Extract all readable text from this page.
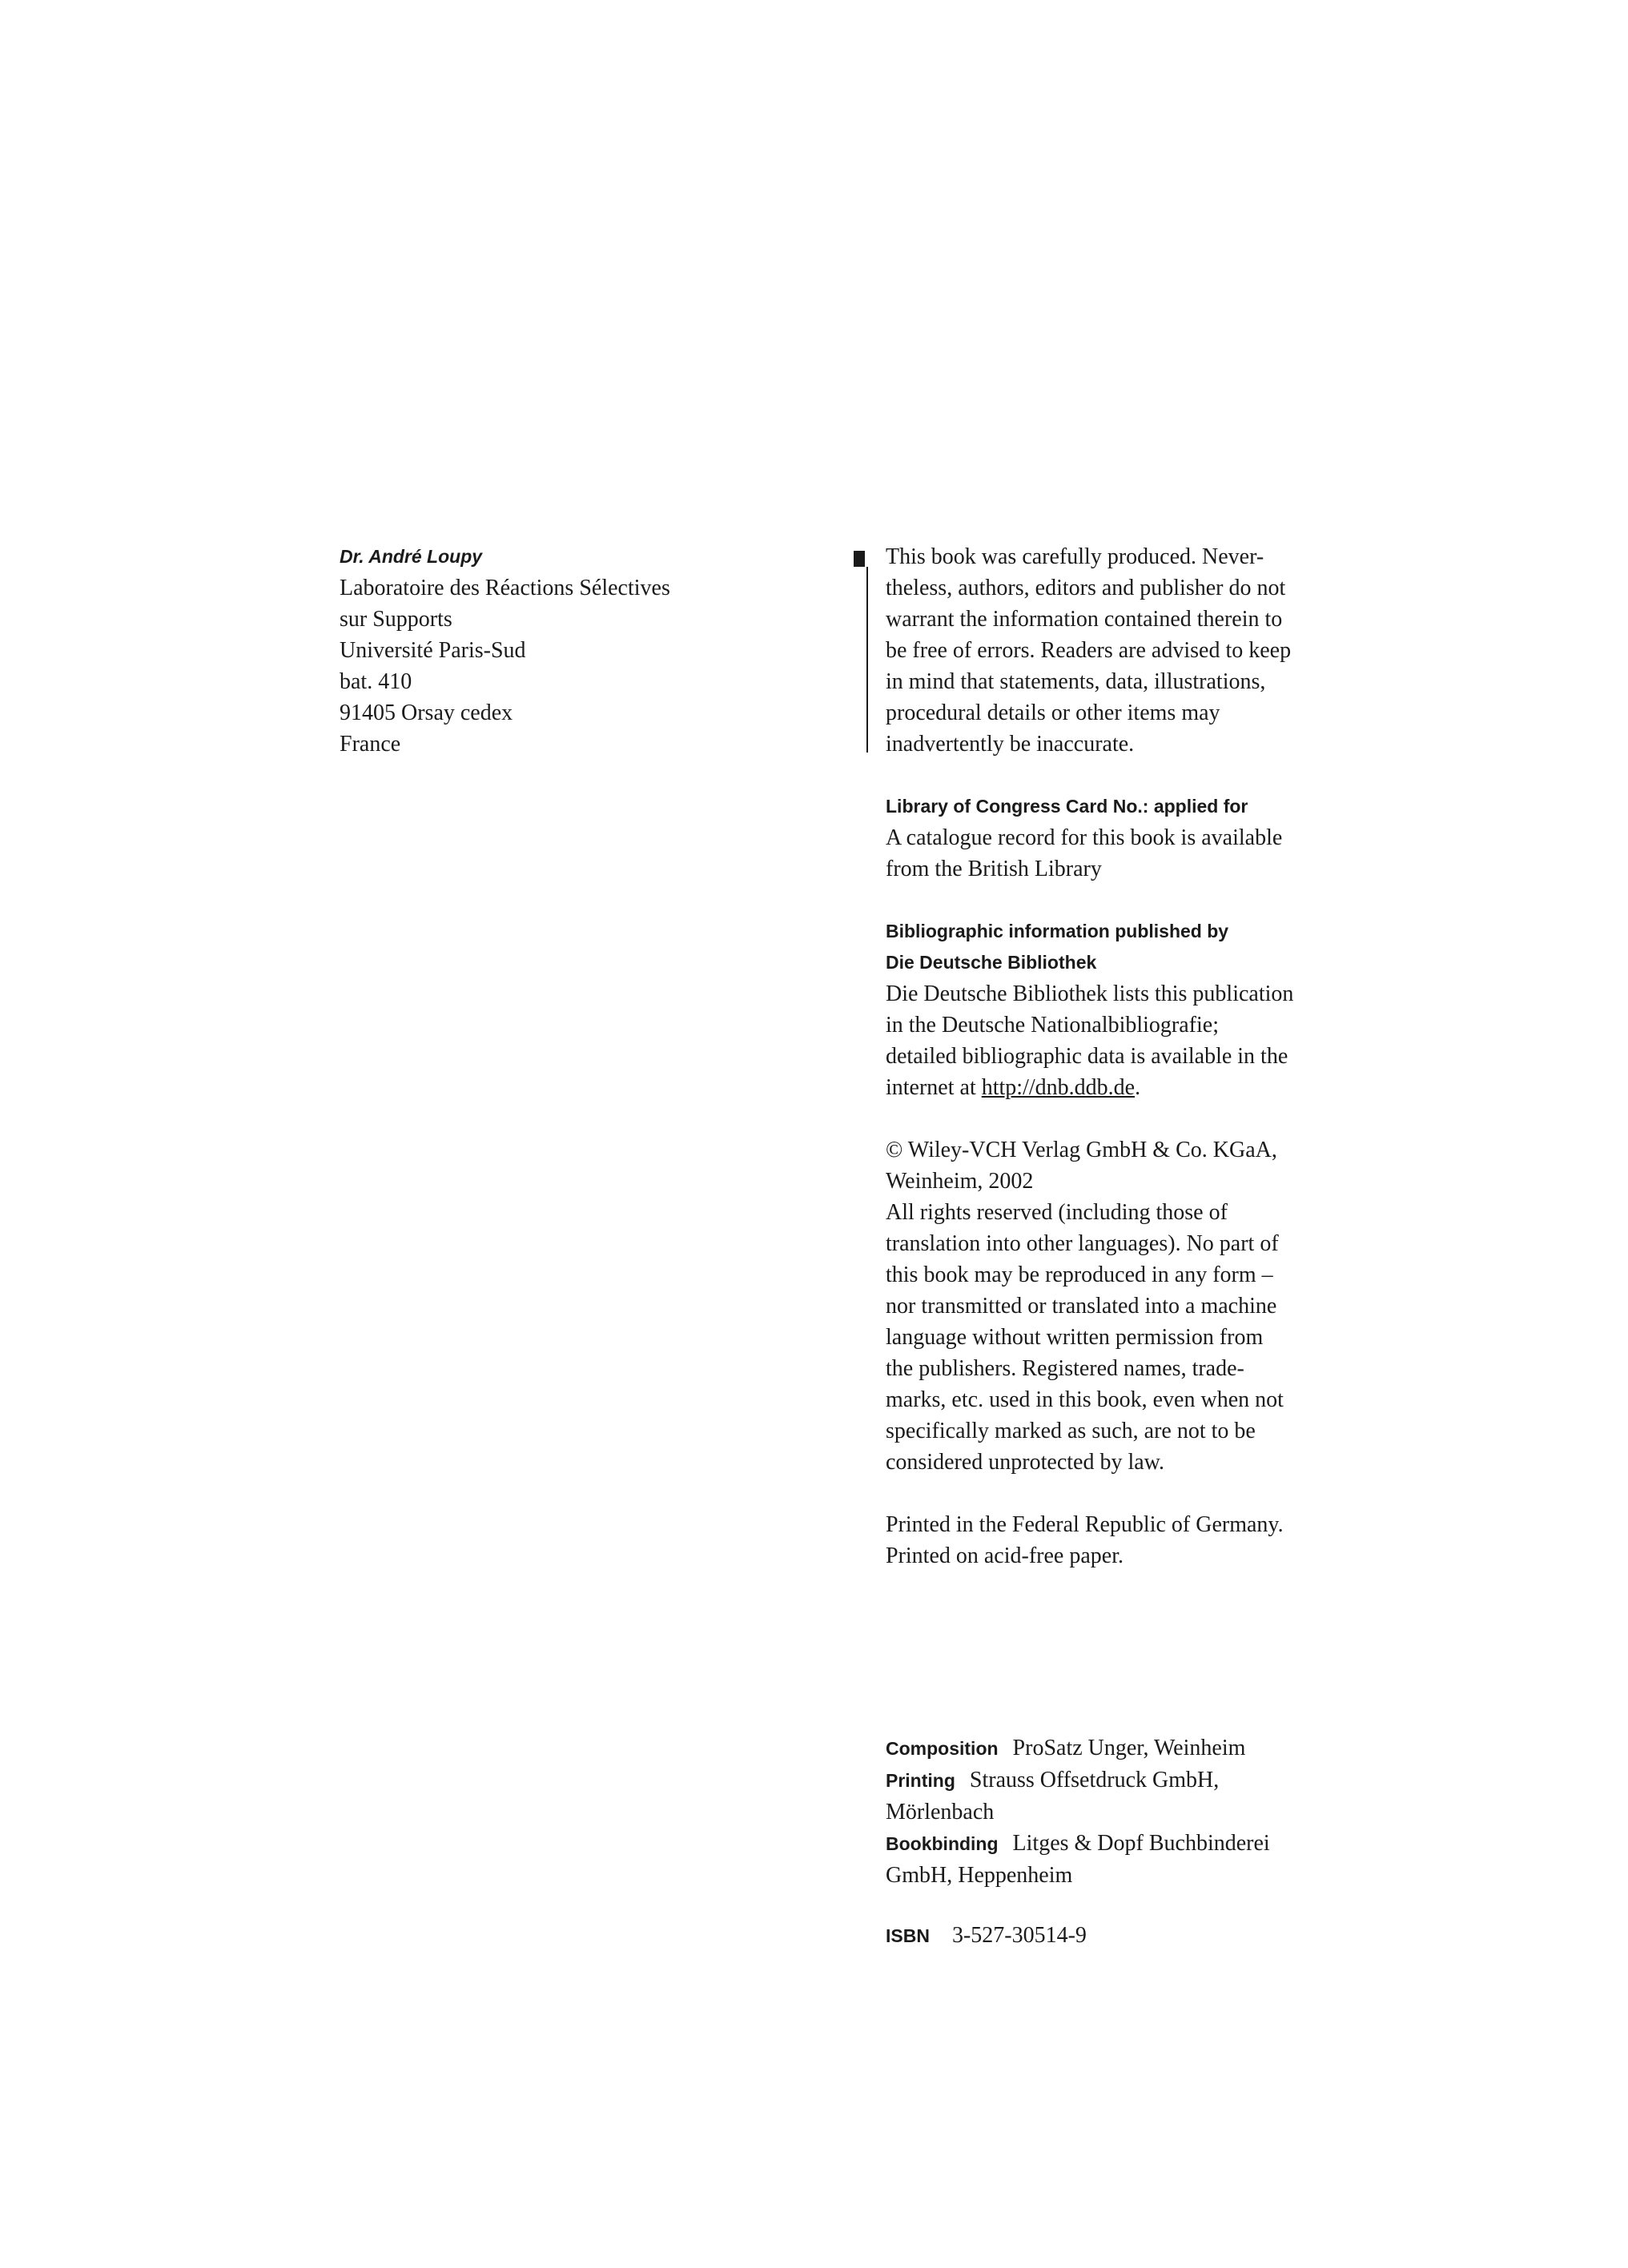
Dr. André Loupy
Laboratoire des Réactions Sélectives
sur Supports
Université Paris-Sud
bat. 410
91405 Orsay cedex
France
This book was carefully produced. Never-
theless, authors, editors and publisher do not
warrant the information contained therein to
be free of errors. Readers are advised to keep
in mind that statements, data, illustrations,
procedural details or other items may
inadvertently be inaccurate.
Library of Congress Card No.: applied for
A catalogue record for this book is available
from the British Library
Bibliographic information published by
Die Deutsche Bibliothek
Die Deutsche Bibliothek lists this publication
in the Deutsche Nationalbibliografie;
detailed bibliographic data is available in the
internet at http://dnb.ddb.de.
© Wiley-VCH Verlag GmbH & Co. KGaA,
Weinheim, 2002
All rights reserved (including those of
translation into other languages). No part of
this book may be reproduced in any form –
nor transmitted or translated into a machine
language without written permission from
the publishers. Registered names, trade-
marks, etc. used in this book, even when not
specifically marked as such, are not to be
considered unprotected by law.
Printed in the Federal Republic of Germany.
Printed on acid-free paper.
Composition ProSatz Unger, Weinheim
Printing Strauss Offsetdruck GmbH,
Mörlenbach
Bookbinding Litges & Dopf Buchbinderei
GmbH, Heppenheim
ISBN 3-527-30514-9
